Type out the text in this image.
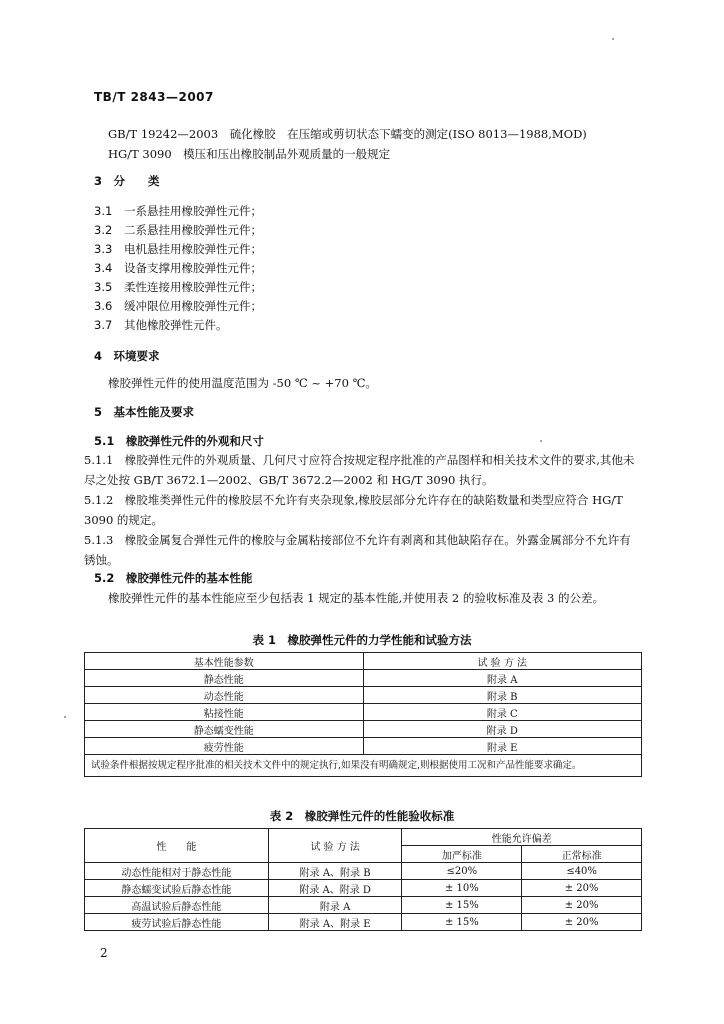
TB/T 2843—2007
GB/T 19242—2003　硫化橡胶　在压缩或剪切状态下蠕变的测定(ISO 8013—1988,MOD)
HG/T 3090　模压和压出橡胶制品外观质量的一般规定
3　分　　类
3.1 一系悬挂用橡胶弹性元件；
3.2 二系悬挂用橡胶弹性元件；
3.3 电机悬挂用橡胶弹性元件；
3.4 设备支撑用橡胶弹性元件；
3.5 柔性连接用橡胶弹性元件；
3.6 缓冲限位用橡胶弹性元件；
3.7 其他橡胶弹性元件。
4　环境要求
橡胶弹性元件的使用温度范围为 -50 ℃ ~ +70 ℃。
5　基本性能及要求
5.1　橡胶弹性元件的外观和尺寸
5.1.1　橡胶弹性元件的外观质量、几何尺寸应符合按规定程序批准的产品图样和相关技术文件的要求,其他未尽之处按 GB/T 3672.1—2002、GB/T 3672.2—2002 和 HG/T 3090 执行。
5.1.2　橡胶堆类弹性元件的橡胶层不允许有夹杂现象,橡胶层部分允许存在的缺陷数量和类型应符合 HG/T 3090 的规定。
5.1.3　橡胶金属复合弹性元件的橡胶与金属粘接部位不允许有剥离和其他缺陷存在。外露金属部分不允许有锈蚀。
5.2　橡胶弹性元件的基本性能
橡胶弹性元件的基本性能应至少包括表 1 规定的基本性能,并使用表 2 的验收标准及表 3 的公差。
表 1　橡胶弹性元件的力学性能和试验方法
基本性能参数	试 验 方 法
静态性能	附录 A
动态性能	附录 B
粘接性能	附录 C
静态蠕变性能	附录 D
疲劳性能	附录 E
试验条件根据按规定程序批准的相关技术文件中的规定执行,如果没有明确规定,则根据使用工况和产品性能要求确定。	
表 2　橡胶弹性元件的性能验收标准
性　　能	试 验 方 法	性能允许偏差	
		加严标准	正常标准
动态性能相对于静态性能	附录 A、附录 B	≤20%	≤40%
静态蠕变试验后静态性能	附录 A、附录 D	± 10%	± 20%
高温试验后静态性能	附录 A	± 15%	± 20%
疲劳试验后静态性能	附录 A、附录 E	± 15%	± 20%
2
